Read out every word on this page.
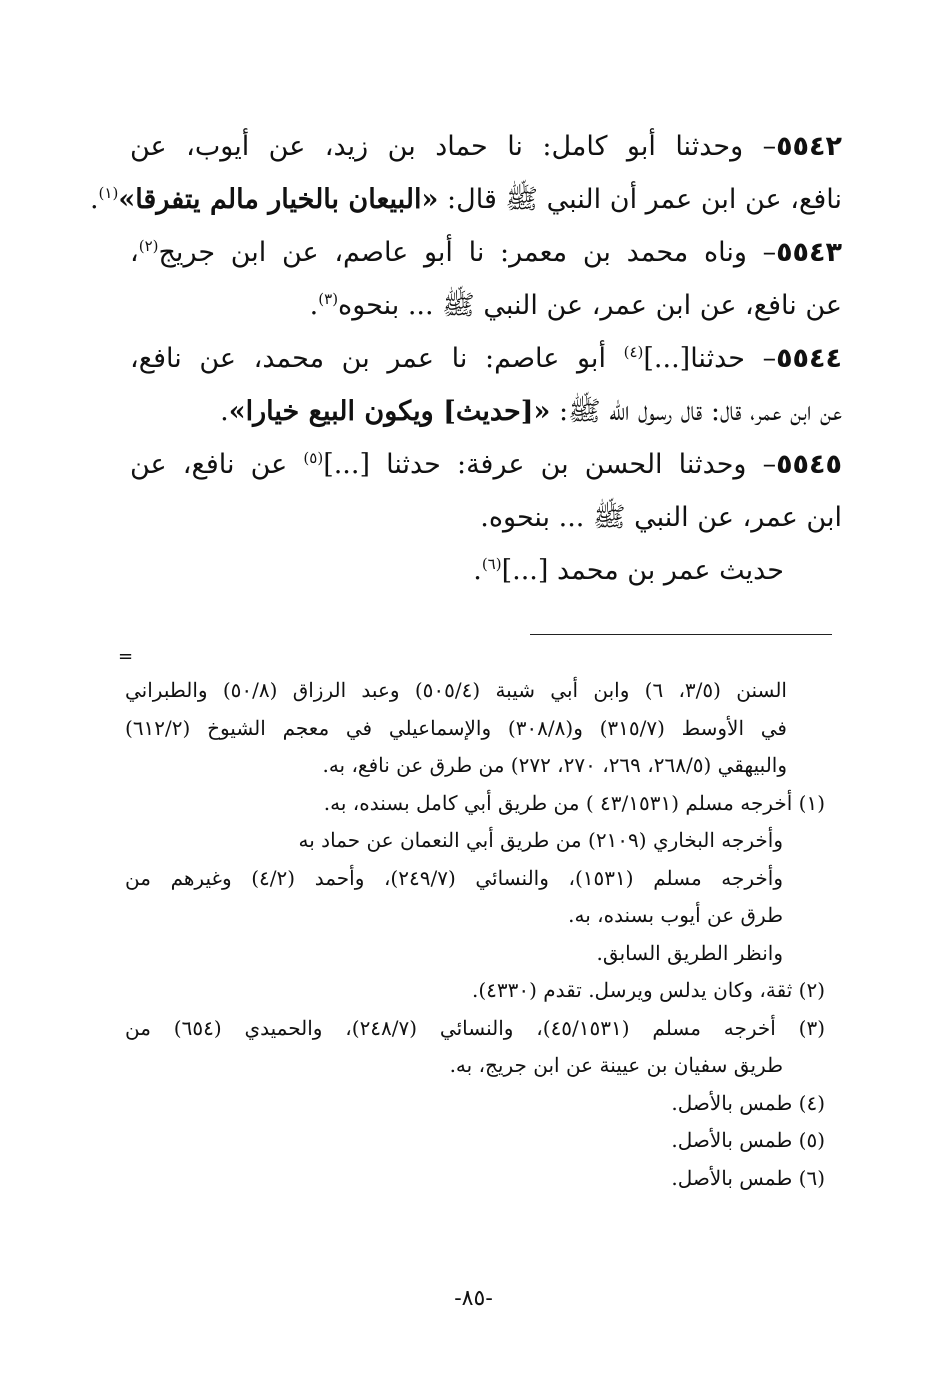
٥٥٤٢– وحدثنا أبو كامل: نا حماد بن زيد، عن أيوب، عن
نافع، عن ابن عمر أن النبي ﷺ قال: «البيعان بالخيار مالم يتفرقا»$^{(١)}$.
٥٥٤٣– وناه محمد بن معمر: نا أبو عاصم، عن ابن جريج$^{(٢)}$،
عن نافع، عن ابن عمر، عن النبي ﷺ ... بنحوه$^{(٣)}$.
٥٥٤٤– حدثنا[...]$^{(٤)}$ أبو عاصم: نا عمر بن محمد، عن نافع،
عن ابن عمر، قال: قال رسول الله ﷺ: «[حديث] ويكون البيع خيارا».
٥٥٤٥– وحدثنا الحسن بن عرفة: حدثنا [...]$^{(٥)}$ عن نافع، عن
ابن عمر، عن النبي ﷺ ... بنحوه.
حديث عمر بن محمد [...]$^{(٦)}$.
=
السنن (٣/٥، ٦) وابن أبي شيبة (٥٠٥/٤) وعبد الرزاق (٥٠/٨) والطبراني
في الأوسط (٣١٥/٧) و(٣٠٨/٨) والإسماعيلي في معجم الشيوخ (٦١٢/٢)
والبيهقي (٢٦٨/٥، ٢٦٩، ٢٧٠، ٢٧٢) من طرق عن نافع، به.
(١) أخرجه مسلم (٤٣/١٥٣١ ) من طريق أبي كامل بسنده، به.
وأخرجه البخاري (٢١٠٩) من طريق أبي النعمان عن حماد به
وأخرجه مسلم (١٥٣١)، والنسائي (٢٤٩/٧)، وأحمد (٤/٢) وغيرهم من
طرق عن أيوب بسنده، به.
وانظر الطريق السابق.
(٢) ثقة، وكان يدلس ويرسل. تقدم (٤٣٣٠).
(٣) أخرجه مسلم (٤٥/١٥٣١)، والنسائي (٢٤٨/٧)، والحميدي (٦٥٤) من
طريق سفيان بن عيينة عن ابن جريج، به.
(٤) طمس بالأصل.
(٥) طمس بالأصل.
(٦) طمس بالأصل.
-٨٥-
